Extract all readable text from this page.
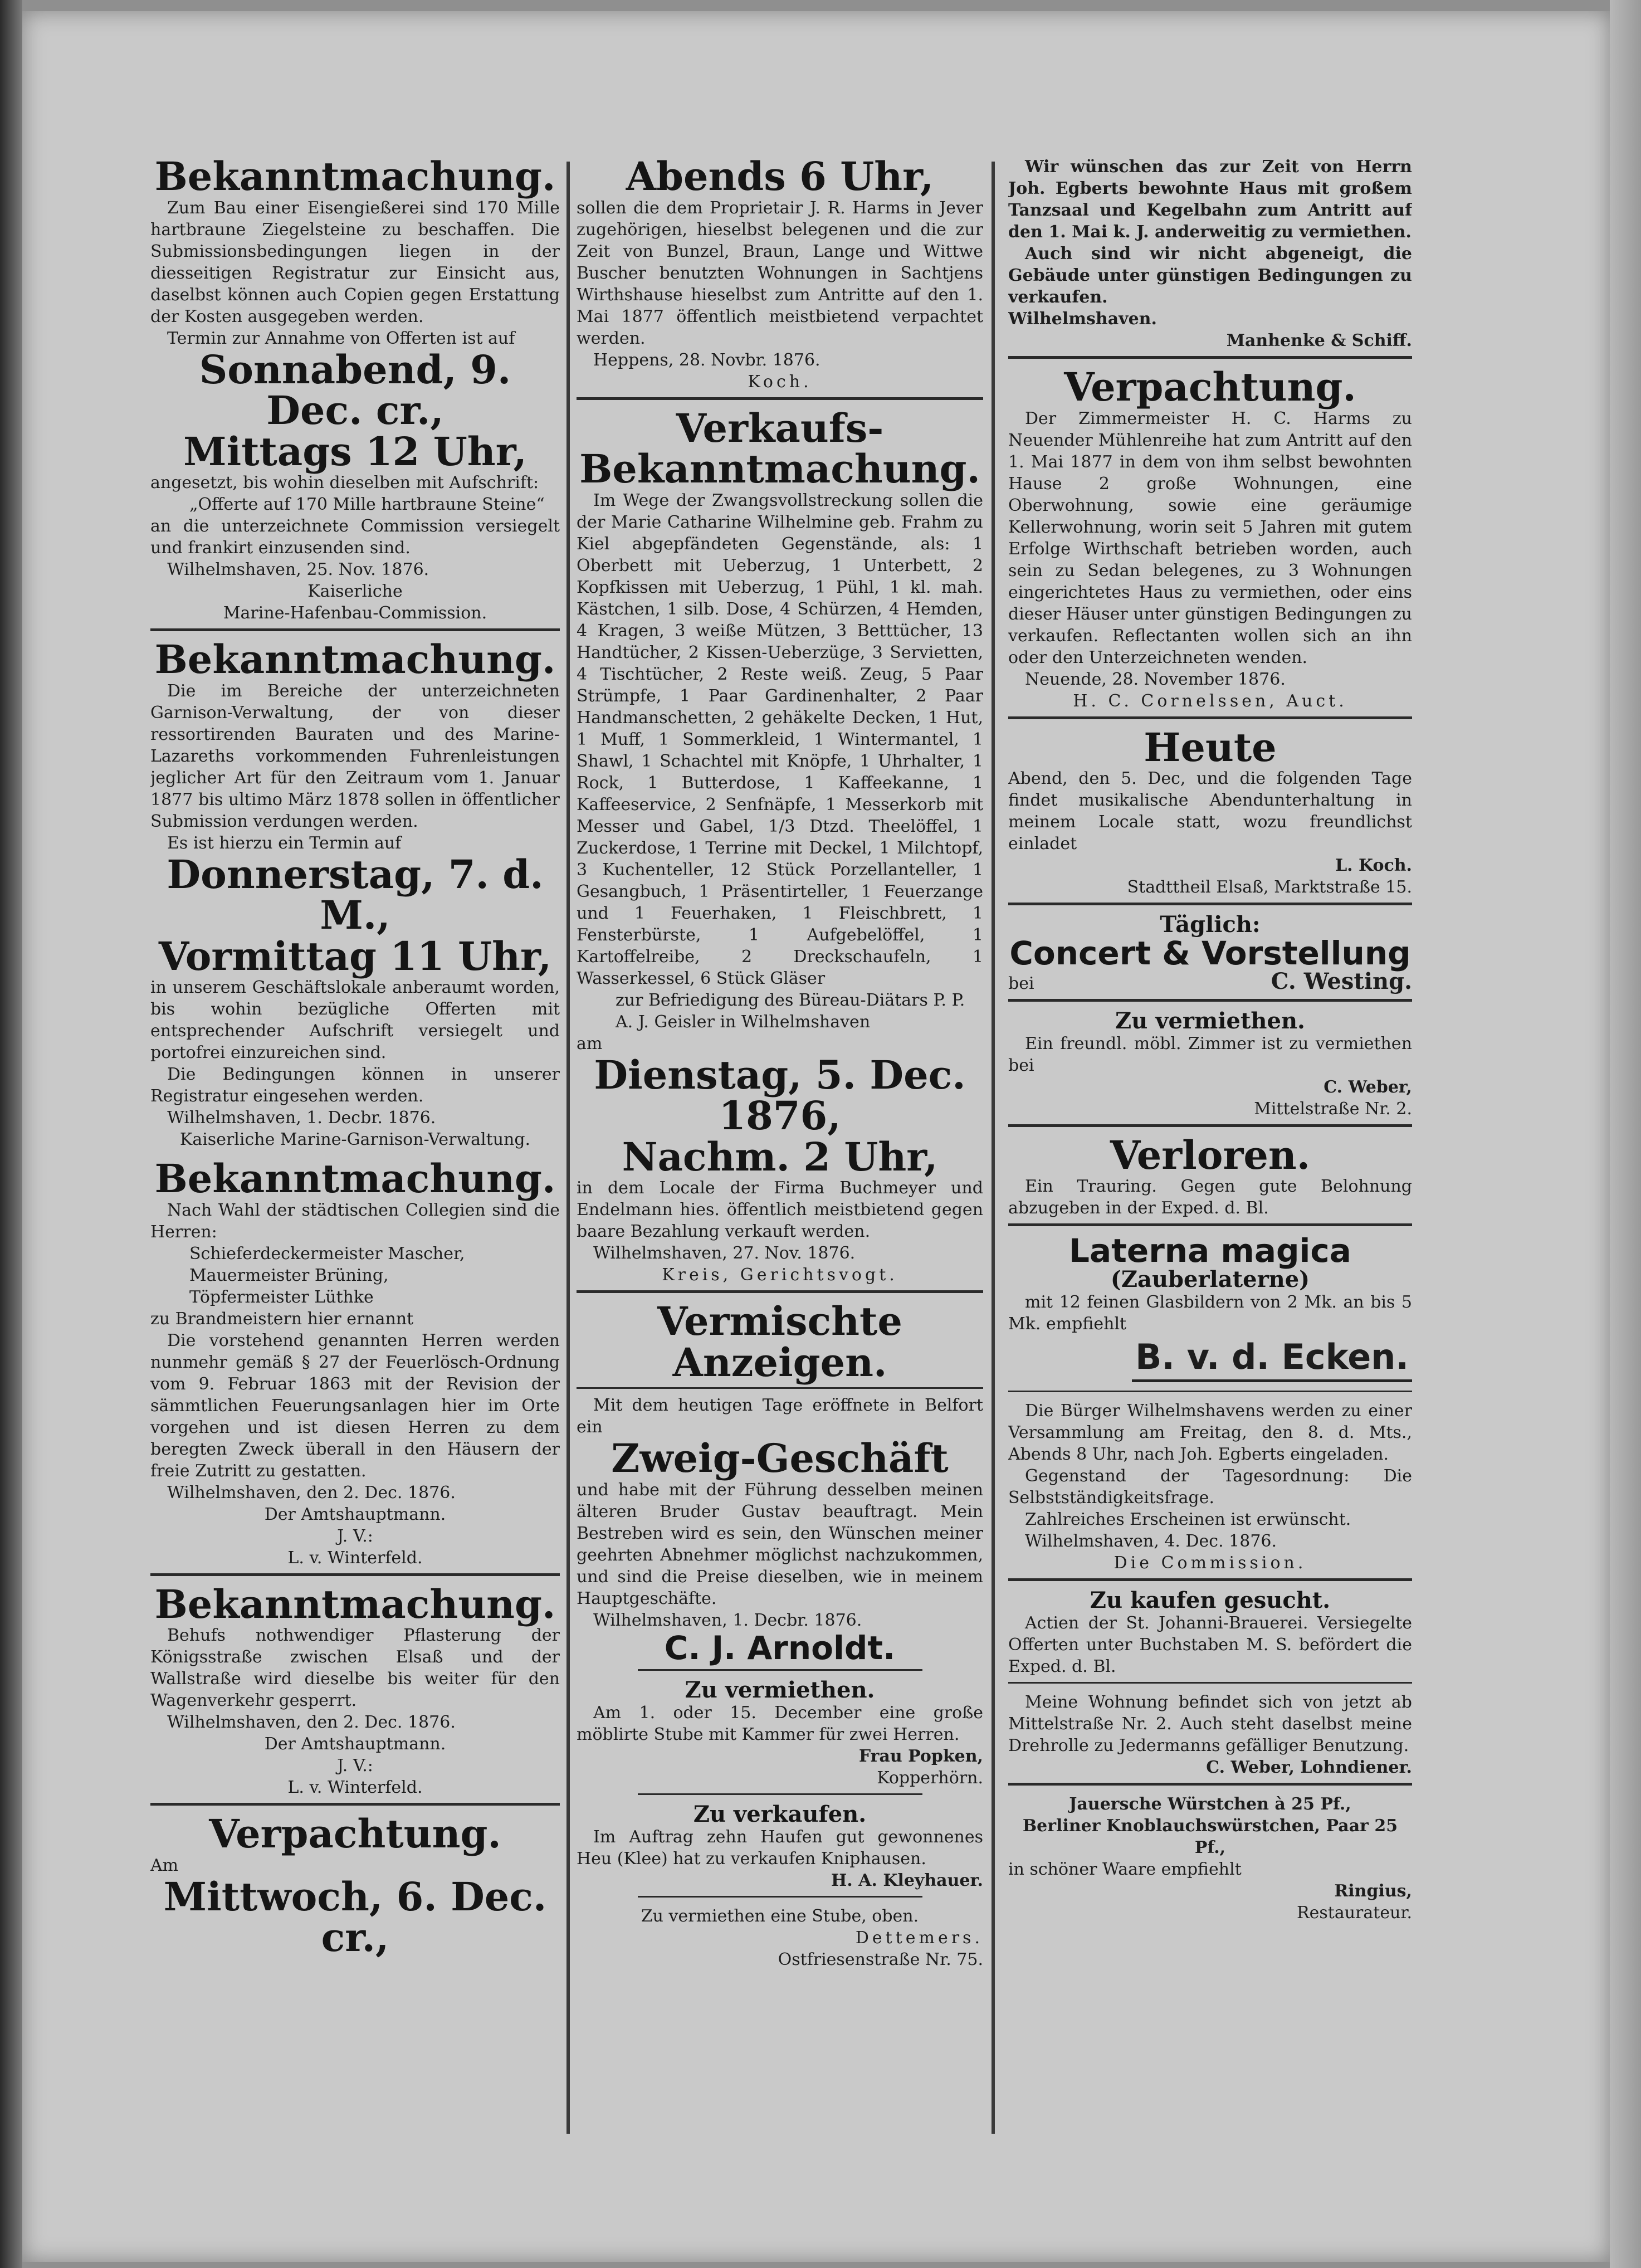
Bekanntmachung.

Zum Bau einer Eisengießerei sind 170 Mille hartbraune Ziegelsteine zu beschaffen. Die Submissionsbedingungen liegen in der diesseitigen Registratur zur Einsicht aus, daselbst können auch Copien gegen Erstattung der Kosten ausgegeben werden.

Termin zur Annahme von Offerten ist auf

Sonnabend, 9. Dec. cr.,
Mittags 12 Uhr,

angesetzt, bis wohin dieselben mit Aufschrift:

„Offerte auf 170 Mille hartbraune Steine“

an die unterzeichnete Commission versiegelt und frankirt einzusenden sind.

Wilhelmshaven, 25. Nov. 1876.

Kaiserliche

Marine-Hafenbau-Commission.

Bekanntmachung.

Die im Bereiche der unterzeichneten Garnison-Verwaltung, der von dieser ressortirenden Bauraten und des Marine-Lazareths vorkommenden Fuhrenleistungen jeglicher Art für den Zeitraum vom 1. Januar 1877 bis ultimo März 1878 sollen in öffentlicher Submission verdungen werden.

Es ist hierzu ein Termin auf

Donnerstag, 7. d. M.,
Vormittag 11 Uhr,

in unserem Geschäftslokale anberaumt worden, bis wohin bezügliche Offerten mit entsprechender Aufschrift versiegelt und portofrei einzureichen sind.

Die Bedingungen können in unserer Registratur eingesehen werden.

Wilhelmshaven, 1. Decbr. 1876.

Kaiserliche Marine-Garnison-Verwaltung.

Bekanntmachung.

Nach Wahl der städtischen Collegien sind die Herren:

Schieferdeckermeister Mascher,

Mauermeister Brüning,

Töpfermeister Lüthke

zu Brandmeistern hier ernannt

Die vorstehend genannten Herren werden nunmehr gemäß § 27 der Feuerlösch-Ordnung vom 9. Februar 1863 mit der Revision der sämmtlichen Feuerungsanlagen hier im Orte vorgehen und ist diesen Herren zu dem beregten Zweck überall in den Häusern der freie Zutritt zu gestatten.

Wilhelmshaven, den 2. Dec. 1876.

Der Amtshauptmann.

J. V.:

L. v. Winterfeld.

Bekanntmachung.

Behufs nothwendiger Pflasterung der Königsstraße zwischen Elsaß und der Wallstraße wird dieselbe bis weiter für den Wagenverkehr gesperrt.

Wilhelmshaven, den 2. Dec. 1876.

Der Amtshauptmann.

J. V.:

L. v. Winterfeld.

Verpachtung.

Am

Mittwoch, 6. Dec. cr.,
Abends 6 Uhr,

sollen die dem Proprietair J. R. Harms in Jever zugehörigen, hieselbst belegenen und die zur Zeit von Bunzel, Braun, Lange und Wittwe Buscher benutzten Wohnungen in Sachtjens Wirthshause hieselbst zum Antritte auf den 1. Mai 1877 öffentlich meistbietend verpachtet werden.

Heppens, 28. Novbr. 1876.

Koch.

Verkaufs-
Bekanntmachung.

Im Wege der Zwangsvollstreckung sollen die der Marie Catharine Wilhelmine geb. Frahm zu Kiel abgepfändeten Gegenstände, als: 1 Oberbett mit Ueberzug, 1 Unterbett, 2 Kopfkissen mit Ueberzug, 1 Pühl, 1 kl. mah. Kästchen, 1 silb. Dose, 4 Schürzen, 4 Hemden, 4 Kragen, 3 weiße Mützen, 3 Betttücher, 13 Handtücher, 2 Kissen-Ueberzüge, 3 Servietten, 4 Tischtücher, 2 Reste weiß. Zeug, 5 Paar Strümpfe, 1 Paar Gardinenhalter, 2 Paar Handmanschetten, 2 gehäkelte Decken, 1 Hut, 1 Muff, 1 Sommerkleid, 1 Wintermantel, 1 Shawl, 1 Schachtel mit Knöpfe, 1 Uhrhalter, 1 Rock, 1 Butterdose, 1 Kaffeekanne, 1 Kaffeeservice, 2 Senfnäpfe, 1 Messerkorb mit Messer und Gabel, 1/3 Dtzd. Theelöffel, 1 Zuckerdose, 1 Terrine mit Deckel, 1 Milchtopf, 3 Kuchenteller, 12 Stück Porzellanteller, 1 Gesangbuch, 1 Präsentirteller, 1 Feuerzange und 1 Feuerhaken, 1 Fleischbrett, 1 Fensterbürste, 1 Aufgebelöffel, 1 Kartoffelreibe, 2 Dreckschaufeln, 1 Wasserkessel, 6 Stück Gläser

zur Befriedigung des Büreau-Diätars P. P. A. J. Geisler in Wilhelmshaven

am

Dienstag, 5. Dec. 1876,
Nachm. 2 Uhr,

in dem Locale der Firma Buchmeyer und Endelmann hies. öffentlich meistbietend gegen baare Bezahlung verkauft werden.

Wilhelmshaven, 27. Nov. 1876.

Kreis, Gerichtsvogt.

Vermischte Anzeigen.

Mit dem heutigen Tage eröffnete in Belfort ein

Zweig-Geschäft

und habe mit der Führung desselben meinen älteren Bruder Gustav beauftragt. Mein Bestreben wird es sein, den Wünschen meiner geehrten Abnehmer möglichst nachzukommen, und sind die Preise dieselben, wie in meinem Hauptgeschäfte.

Wilhelmshaven, 1. Decbr. 1876.

C. J. Arnoldt.
Zu vermiethen.

Am 1. oder 15. December eine große möblirte Stube mit Kammer für zwei Herren.

Frau Popken,

Kopperhörn.

Zu verkaufen.

Im Auftrag zehn Haufen gut gewonnenes Heu (Klee) hat zu verkaufen Kniphausen.

H. A. Kleyhauer.

Zu vermiethen eine Stube, oben.

Dettemers.

Ostfriesenstraße Nr. 75.

Wir wünschen das zur Zeit von Herrn Joh. Egberts bewohnte Haus mit großem Tanzsaal und Kegelbahn zum Antritt auf den 1. Mai k. J. anderweitig zu vermiethen.

Auch sind wir nicht abgeneigt, die Gebäude unter günstigen Bedingungen zu verkaufen.

Wilhelmshaven.

Manhenke & Schiff.

Verpachtung.

Der Zimmermeister H. C. Harms zu Neuender Mühlenreihe hat zum Antritt auf den 1. Mai 1877 in dem von ihm selbst bewohnten Hause 2 große Wohnungen, eine Oberwohnung, sowie eine geräumige Kellerwohnung, worin seit 5 Jahren mit gutem Erfolge Wirthschaft betrieben worden, auch sein zu Sedan belegenes, zu 3 Wohnungen eingerichtetes Haus zu vermiethen, oder eins dieser Häuser unter günstigen Bedingungen zu verkaufen. Reflectanten wollen sich an ihn oder den Unterzeichneten wenden.

Neuende, 28. November 1876.

H. C. Cornelssen, Auct.

Heute

Abend, den 5. Dec, und die folgenden Tage findet musikalische Abendunterhaltung in meinem Locale statt, wozu freundlichst einladet

L. Koch.

Stadttheil Elsaß, Marktstraße 15.

Täglich:
Concert & Vorstellung
bei	C. Westing.
Zu vermiethen.

Ein freundl. möbl. Zimmer ist zu vermiethen bei

C. Weber,

Mittelstraße Nr. 2.

Verloren.

Ein Trauring. Gegen gute Belohnung abzugeben in der Exped. d. Bl.

Laterna magica
(Zauberlaterne)

mit 12 feinen Glasbildern von 2 Mk. an bis 5 Mk. empfiehlt

B. v. d. Ecken.

Die Bürger Wilhelmshavens werden zu einer Versammlung am Freitag, den 8. d. Mts., Abends 8 Uhr, nach Joh. Egberts eingeladen.

Gegenstand der Tagesordnung: Die Selbstständigkeitsfrage.

Zahlreiches Erscheinen ist erwünscht.

Wilhelmshaven, 4. Dec. 1876.

Die Commission.

Zu kaufen gesucht.

Actien der St. Johanni-Brauerei. Versiegelte Offerten unter Buchstaben M. S. befördert die Exped. d. Bl.

Meine Wohnung befindet sich von jetzt ab Mittelstraße Nr. 2. Auch steht daselbst meine Drehrolle zu Jedermanns gefälliger Benutzung.

C. Weber, Lohndiener.

Jauersche Würstchen à 25 Pf.,

Berliner Knoblauchswürstchen, Paar 25 Pf.,

in schöner Waare empfiehlt

Ringius,

Restaurateur.
